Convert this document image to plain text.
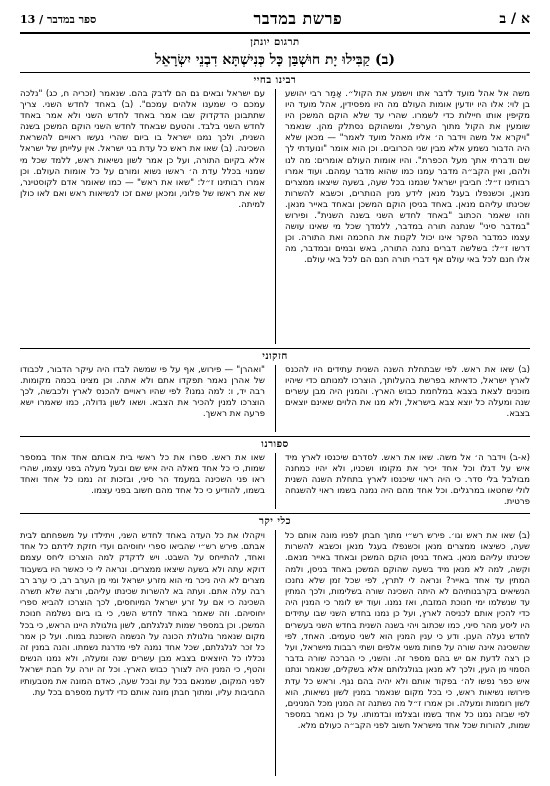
ספר במדבר / 13	פרשת במדבר	א / ב
תרגום יונתן
(ב) קַבִּילוּ יָת חוּשְׁבַּן כָּל כְּנִישְׁתָּא דִבְנֵי יִשְׂרָאֵל
רבינו בחיי
משה אל אהל מועד לדבר אתו וישמע את הקול״. אָמַר רבי יהושע בן לוי: אלו היו יודעין אומות העולם מה היו מפסידין, אהל מועד היו מקיפין אותו חיילות כדי לשמרו. שהרי עד שלא הוקם המשכן היו שומעין את הקול מתוך הערפל, ומשהוקם נסתלק מהן. שנאמר "ויקרא אל משה וידבר ה׳ אליו מאהל מועד לאמר" — מכאן שלא היה הדבור נשמע אלא מבין שני הכרובים. וכן הוא אומר "ונועדתי לך שם ודברתי אתך מעל הכפרת". והיו אומות העולם אומרים: מה לנו ולהם, ואין הקב״ה מדבר עמנו כמו שהוא מדבר עמהם. ועוד אמרו רבותינו ז״ל: חביבין ישראל שנמנו בכל שעה, בשעה שיצאו ממצרים מנאן, וכשנפלו בעגל מנאן לידע מנין הנותרים, וכשבא להשרות שכינתו עליהם מנאן. באחד בניסן הוקם המשכן ובאחד באייר מנאן. וזהו שאמר הכתוב "באחד לחדש השני בשנה השנית". ופירוש "במדבר סיני" שנתנה תורה במדבר, ללמדך שכל מי שאינו עושה עצמו כמדבר הפקר אינו יכול לקנות את החכמה ואת התורה. וכן דרשו ז״ל: בשלשה דברים נתנה התורה, באש ובמים ובמדבר, מה אלו חנם לכל באי עולם אף דברי תורה חנם הם לכל באי עולם.
עם ישראל ובאים גם הם לדבק בהם. שנאמר (זכריה ח, כג) "נלכה עמכם כי שמענו אלהים עמכם". (ב) באחד לחדש השני. צריך שתתבונן הדקדוק שבו אמר באחד לחדש השני ולא אמר באחד לחדש השני בלבד. והטעם שבאחד לחדש השני הוקם המשכן בשנה השנית, ולכך נמנו ישראל בו ביום שהרי נעשו ראויים להשראת השכינה. (ב) שאו את ראש כל עדת בני ישראל. אין עלייתן של ישראל אלא בקיום התורה, ועל כן אמר לשון נשיאות ראש, ללמד שכל מי שמנוי בכלל עדת ה׳ ראשו נשוא ומורם על כל אומות העולם. וכן אמרו רבותינו ז״ל: "שאו את ראש" — כמו שאומר אדם לקוסטינר, שא את ראשו של פלוני, ומכאן שאם זכו לנשיאות ראש ואם לאו כולן למיתה.
חזקוני
(ב) שאו את ראש. לפי שבתחלת השנה השנית עתידים היו להכנס לארץ ישראל, כדאיתא בפרשת בהעלותך, הוצרכו למנותם כדי שיהיו מוכנים לצאת בצבא במלחמת כבוש הארץ. והמנין היה מבן עשרים שנה ומעלה כל יוצא צבא בישראל, ולא מנו את הלוים שאינם יוצאים בצבא.
"ואהרן" — פירוש, אף על פי שמשה לבדו היה עיקר הדבור, לכבודו של אהרן נאמר תפקדו אתם ולא אתה. וכן מצינו בכמה מקומות. רבה יד, ו: למה נמנו? לפי שהיו ראויים להכנס לארץ ולכבשה, לכך הוצרכו למנין להכיר את הצבא. ושאו לשון גדולה, כמו שאמרו ישא פרעה את ראשך.
ספורנו
(א-ב) וידבר ה׳ אל משה. שאו את ראש. לסדרם שיכנסו לארץ מיד איש על דגלו וכל אחד יכיר את מקומו ושכניו, ולא יהיו כמחנה מבולבל בלי סדר. כי היה ראוי שיכנסו לארץ בתחלת השנה השנית לולי שחטאו במרגלים. וכל אחד מהם היה נמנה בשמו ראוי להשגחה פרטית.
שאו את ראש. ספרו את כל ראשי בית אבותם אחד אחד במספר שמות, כי כל אחד מאלה היה איש שם ובעל מעלה בפני עצמו, שהרי ראו פני השכינה במעמד הר סיני, ובזכות זה נמנו כל אחד ואחד בשמו, להודיע כי כל אחד מהם חשוב בפני עצמו.
כלי יקר
(ב) שאו את ראש וגו׳. פירש רש״י מתוך חבתן לפניו מונה אותם כל שעה, כשיצאו ממצרים מנאן וכשנפלו בעגל מנאן וכשבא להשרות שכינתו עליהם מנאן. באחד בניסן הוקם המשכן ובאחד באייר מנאם. וקשה, למה לא מנאן מיד בשעה שהוקם המשכן באחד בניסן, ולמה המתין עד אחד באייר? ונראה לי לתרץ, לפי שכל זמן שלא נחנכו הנשיאים בקרבנותיהם לא היתה השכינה שורה בשלימות, ולכך המתין עד שנשלמו ימי חנוכת המזבח, ואז נמנו. ועוד יש לומר כי המנין היה כדי להכין אותם לכניסה לארץ, ועל כן נמנו בחדש השני שבו עתידים היו ליסע מהר סיני, כמו שכתוב ויהי בשנה השנית בחדש השני בעשרים לחדש נעלה הענן. ודע כי ענין המנין הוא לשני טעמים. האחד, לפי שהשכינה אינה שורה על פחות משני אלפים ושתי רבבות מישראל, ועל כן רצה לדעת אם יש בהם מספר זה. והשני, כי הברכה שורה בדבר הסמוי מן העין, ולכך לא מנאן בגולגלותם אלא בשקלים, שנאמר ונתנו איש כפר נפשו לה׳ בפקוד אותם ולא יהיה בהם נגף. וראש כל עדת פירושו נשיאות ראש, כי בכל מקום שנאמר במנין לשון נשיאות, הוא לשון רוממות ומעלה. וכן אמרו ז״ל מה נשתנה זה המנין מכל המנינים, לפי שבזה נמנו כל אחד בשמו ובצלמו ובדמותו. על כן נאמר במספר שמות, להורות שכל אחד מישראל חשוב לפני הקב״ה כעולם מלא.
ויקהלו את כל העדה באחד לחדש השני, ויתילדו על משפחתם לבית אבתם. פירש רש״י שהביאו ספרי יחוסיהם ועדי חזקת לידתם כל אחד ואחד, להתייחס על השבט. ויש לדקדק למה הוצרכו ליחס עצמם דוקא עתה ולא בשעה שיצאו ממצרים. ונראה לי כי כאשר היו בשעבוד מצרים לא היה ניכר מי הוא מזרע ישראל ומי מן הערב רב, כי ערב רב רבה עלה אתם. ועתה בא להשרות שכינתו עליהם, ורצה שלא תשרה השכינה כי אם על זרע ישראל המיוחסים, לכך הוצרכו להביא ספרי יחוסיהם. וזה שאמר באחד לחדש השני, כי בו ביום נשלמה חנוכת המשכן. וכן במספר שמות לגלגלתם, לשון גולגולת היינו הראש, כי בכל מקום שנאמר גולגולת הכונה על הנשמה השוכנת במוח. ועל כן אמר כל זכר לגלגלתם, שכל אחד נמנה לפי מדרגת נשמתו. והנה במנין זה נכללו כל היוצאים בצבא מבן עשרים שנה ומעלה, ולא נמנו הנשים והטף, כי המנין היה לצורך כבוש הארץ. וכל זה יורה על חבת ישראל לפני המקום, שמנאם בכל עת ובכל שעה, כאדם המונה את מטבעותיו החביבות עליו, ומתוך חבתן מונה אותם כדי לדעת מספרם בכל עת.
